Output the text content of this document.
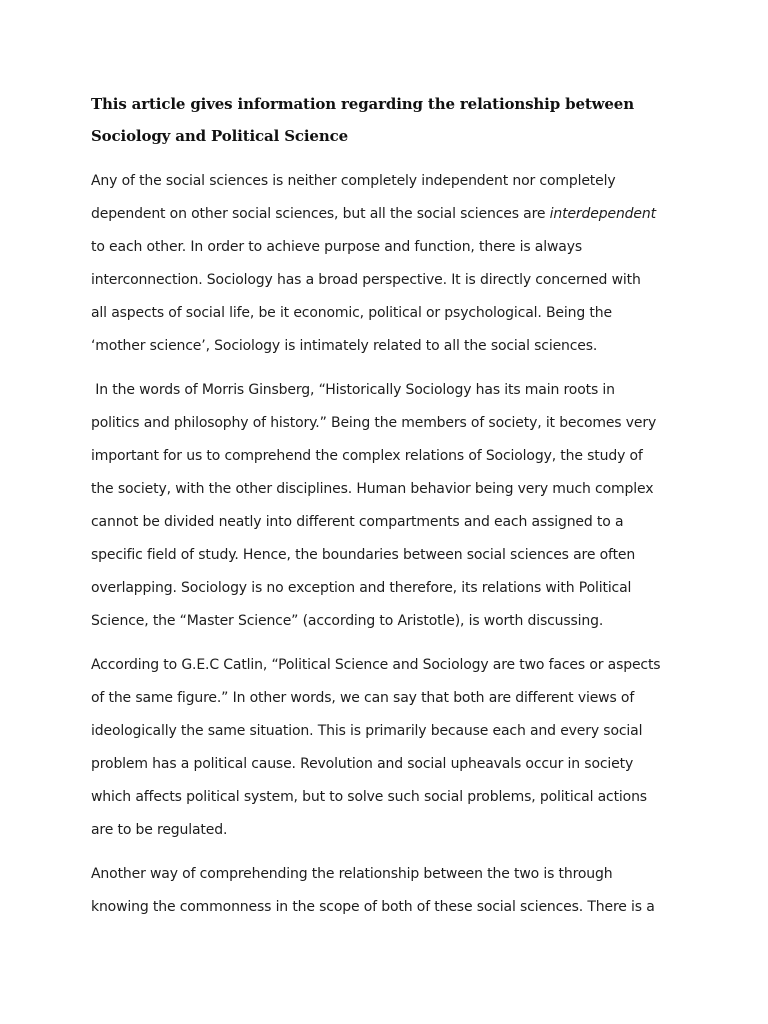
This article gives information regarding the relationship between
Sociology and Political Science

Any of the social sciences is neither completely independent nor completely
dependent on other social sciences, but all the social sciences are interdependent
to each other. In order to achieve purpose and function, there is always
interconnection. Sociology has a broad perspective. It is directly concerned with
all aspects of social life, be it economic, political or psychological. Being the
‘mother science’, Sociology is intimately related to all the social sciences.

In the words of Morris Ginsberg, “Historically Sociology has its main roots in
politics and philosophy of history.” Being the members of society, it becomes very
important for us to comprehend the complex relations of Sociology, the study of
the society, with the other disciplines. Human behavior being very much complex
cannot be divided neatly into different compartments and each assigned to a
specific field of study. Hence, the boundaries between social sciences are often
overlapping. Sociology is no exception and therefore, its relations with Political
Science, the “Master Science” (according to Aristotle), is worth discussing.

According to G.E.C Catlin, “Political Science and Sociology are two faces or aspects
of the same figure.” In other words, we can say that both are different views of
ideologically the same situation. This is primarily because each and every social
problem has a political cause. Revolution and social upheavals occur in society
which affects political system, but to solve such social problems, political actions
are to be regulated.

Another way of comprehending the relationship between the two is through
knowing the commonness in the scope of both of these social sciences. There is a
